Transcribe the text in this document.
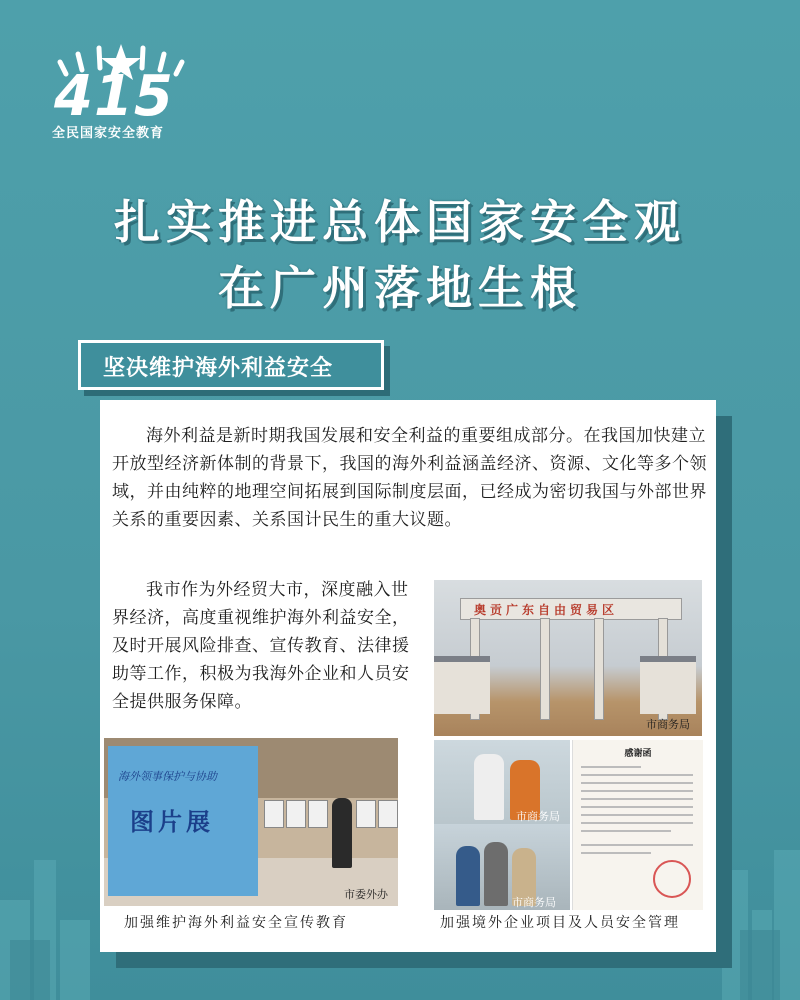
415
全民国家安全教育
扎实推进总体国家安全观
在广州落地生根
坚决维护海外利益安全

海外利益是新时期我国发展和安全利益的重要组成部分。在我国加快建立开放型经济新体制的背景下，我国的海外利益涵盖经济、资源、文化等多个领域，并由纯粹的地理空间拓展到国际制度层面，已经成为密切我国与外部世界关系的重要因素、关系国计民生的重大议题。

我市作为外经贸大市，深度融入世界经济，高度重视维护海外利益安全，及时开展风险排查、宣传教育、法律援助等工作，积极为我海外企业和人员安全提供服务保障。

奥贡广东自由贸易区
市商务局
海外领事保护与协助
图片展
市委外办
市商务局
市商务局
感谢函
加强维护海外利益安全宣传教育	加强境外企业项目及人员安全管理
